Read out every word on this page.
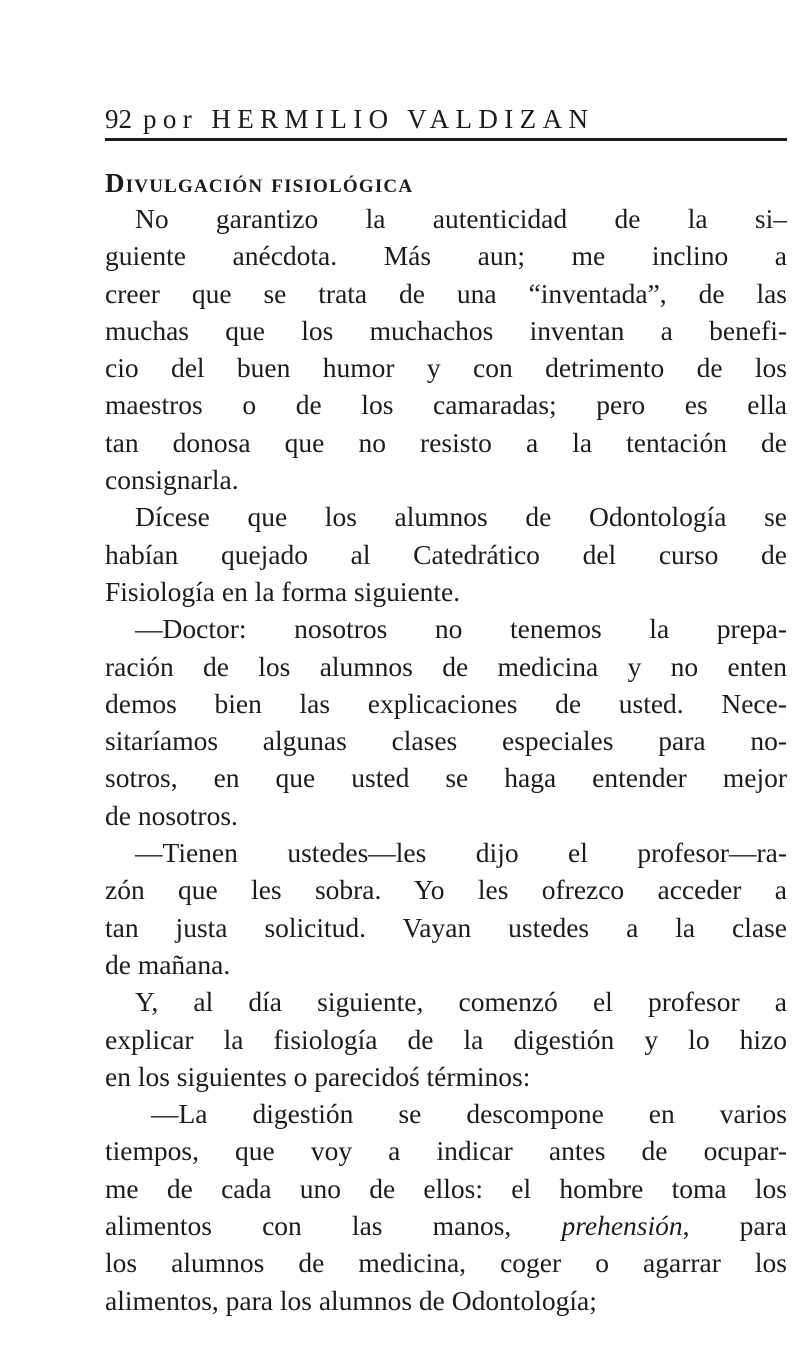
92 por HERMILIO VALDIZAN
Divulgación fisiológica
No garantizo la autenticidad de la si–
guiente anécdota. Más aun; me inclino a
creer que se trata de una “inventada”, de las
muchas que los muchachos inventan a benefi-
cio del buen humor y con detrimento de los
maestros o de los camaradas; pero es ella
tan donosa que no resisto a la tentación de
consignarla.
Dícese que los alumnos de Odontología se
habían quejado al Catedrático del curso de
Fisiología en la forma siguiente.
—Doctor: nosotros no tenemos la prepa-
ración de los alumnos de medicina y no enten
demos bien las explicaciones de usted. Nece-
sitaríamos algunas clases especiales para no-
sotros, en que usted se haga entender mejor
de nosotros.
—Tienen ustedes—les dijo el profesor—ra-
zón que les sobra. Yo les ofrezco acceder a
tan justa solicitud. Vayan ustedes a la clase
de mañana.
Y, al día siguiente, comenzó el profesor a
explicar la fisiología de la digestión y lo hizo
en los siguientes o parecidoś términos:
—La digestión se descompone en varios
tiempos, que voy a indicar antes de ocupar-
me de cada uno de ellos: el hombre toma los
alimentos con las manos, prehensión, para
los alumnos de medicina, coger o agarrar los
alimentos, para los alumnos de Odontología;
